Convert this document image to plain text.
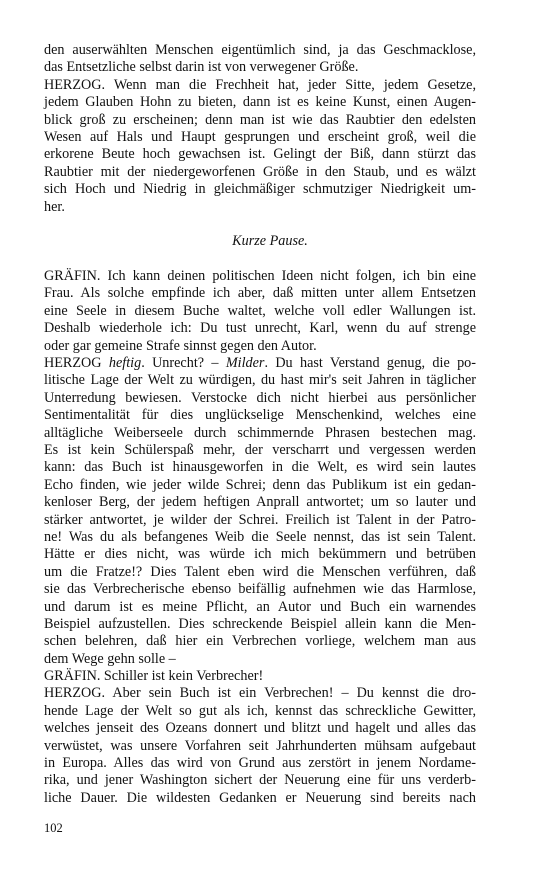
den auserwählten Menschen eigentümlich sind, ja das Geschmacklose,
das Entsetzliche selbst darin ist von verwegener Größe.
HERZOG. Wenn man die Frechheit hat, jeder Sitte, jedem Gesetze,
jedem Glauben Hohn zu bieten, dann ist es keine Kunst, einen Augen-
blick groß zu erscheinen; denn man ist wie das Raubtier den edelsten
Wesen auf Hals und Haupt gesprungen und erscheint groß, weil die
erkorene Beute hoch gewachsen ist. Gelingt der Biß, dann stürzt das
Raubtier mit der niedergeworfenen Größe in den Staub, und es wälzt
sich Hoch und Niedrig in gleichmäßiger schmutziger Niedrigkeit um-
her.
Kurze Pause.
GRÄFIN. Ich kann deinen politischen Ideen nicht folgen, ich bin eine
Frau. Als solche empfinde ich aber, daß mitten unter allem Entsetzen
eine Seele in diesem Buche waltet, welche voll edler Wallungen ist.
Deshalb wiederhole ich: Du tust unrecht, Karl, wenn du auf strenge
oder gar gemeine Strafe sinnst gegen den Autor.
HERZOG heftig. Unrecht? – Milder. Du hast Verstand genug, die po-
litische Lage der Welt zu würdigen, du hast mir's seit Jahren in täglicher
Unterredung bewiesen. Verstocke dich nicht hierbei aus persönlicher
Sentimentalität für dies unglückselige Menschenkind, welches eine
alltägliche Weiberseele durch schimmernde Phrasen bestechen mag.
Es ist kein Schülerspaß mehr, der verscharrt und vergessen werden
kann: das Buch ist hinausgeworfen in die Welt, es wird sein lautes
Echo finden, wie jeder wilde Schrei; denn das Publikum ist ein gedan-
kenloser Berg, der jedem heftigen Anprall antwortet; um so lauter und
stärker antwortet, je wilder der Schrei. Freilich ist Talent in der Patro-
ne! Was du als befangenes Weib die Seele nennst, das ist sein Talent.
Hätte er dies nicht, was würde ich mich bekümmern und betrüben
um die Fratze!? Dies Talent eben wird die Menschen verführen, daß
sie das Verbrecherische ebenso beifällig aufnehmen wie das Harmlose,
und darum ist es meine Pflicht, an Autor und Buch ein warnendes
Beispiel aufzustellen. Dies schreckende Beispiel allein kann die Men-
schen belehren, daß hier ein Verbrechen vorliege, welchem man aus
dem Wege gehn solle –
GRÄFIN. Schiller ist kein Verbrecher!
HERZOG. Aber sein Buch ist ein Verbrechen! – Du kennst die dro-
hende Lage der Welt so gut als ich, kennst das schreckliche Gewitter,
welches jenseit des Ozeans donnert und blitzt und hagelt und alles das
verwüstet, was unsere Vorfahren seit Jahrhunderten mühsam aufgebaut
in Europa. Alles das wird von Grund aus zerstört in jenem Nordame-
rika, und jener Washington sichert der Neuerung eine für uns verderb-
liche Dauer. Die wildesten Gedanken er Neuerung sind bereits nach
102
